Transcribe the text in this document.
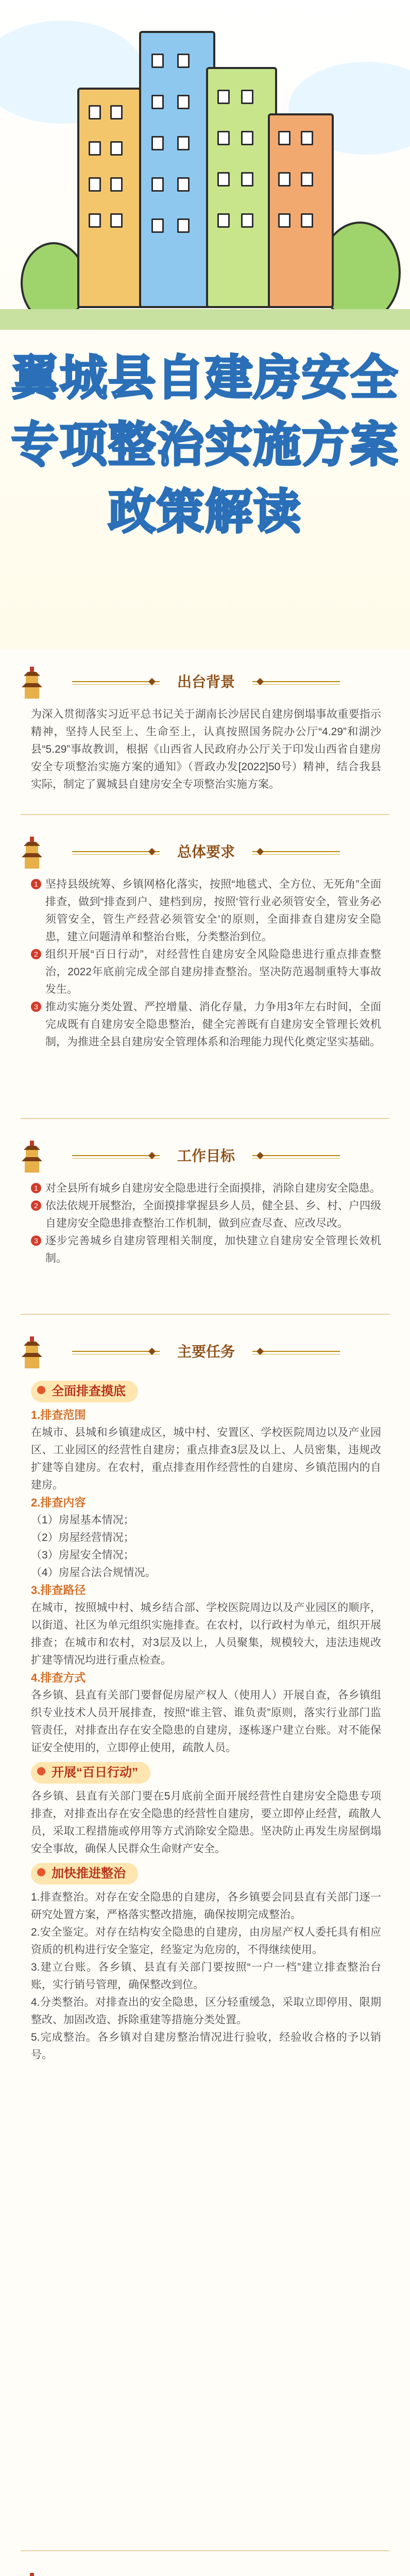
翼城县自建房安全
专项整治实施方案
政策解读
出台背景
为深入贯彻落实习近平总书记关于湖南长沙居民自建房倒塌事故重要指示精神，坚持人民至上、生命至上，认真按照国务院办公厅“4.29”和湖沙县“5.29”事故教训，根据《山西省人民政府办公厅关于印发山西省自建房安全专项整治实施方案的通知》（晋政办发[2022]50号）精神，结合我县实际，制定了翼城县自建房安全专项整治实施方案。
总体要求
1 坚持县级统筹、乡镇网格化落实，按照“地毯式、全方位、无死角”全面排查，做到“排查到户、建档到房，按照‘管行业必须管安全，管业务必须管安全，管生产经营必须管安全’的原则，全面排查自建房安全隐患，建立问题清单和整治台账，分类整治到位。
2 组织开展“百日行动”，对经营性自建房安全风险隐患进行重点排查整治，2022年底前完成全部自建房排查整治。坚决防范遏制重特大事故发生。
3 推动实施分类处置、严控增量、消化存量，力争用3年左右时间，全面完成既有自建房安全隐患整治，健全完善既有自建房安全管理长效机制，为推进全县自建房安全管理体系和治理能力现代化奠定坚实基础。
工作目标
1 对全县所有城乡自建房安全隐患进行全面摸排，消除自建房安全隐患。
2 依法依规开展整治，全面摸排掌握县乡人员，健全县、乡、村、户四级自建房安全隐患排查整治工作机制，做到应查尽查、应改尽改。
3 逐步完善城乡自建房管理相关制度，加快建立自建房安全管理长效机制。
主要任务
全面排查摸底
1.排查范围
在城市、县城和乡镇建成区，城中村、安置区、学校医院周边以及产业园区、工业园区的经营性自建房；重点排查3层及以上、人员密集，违规改扩建等自建房。在农村，重点排查用作经营性的自建房、乡镇范围内的自建房。
2.排查内容
（1）房屋基本情况；
（2）房屋经营情况；
（3）房屋安全情况；
（4）房屋合法合规情况。
3.排查路径
在城市，按照城中村、城乡结合部、学校医院周边以及产业园区的顺序，以街道、社区为单元组织实施排查。在农村，以行政村为单元，组织开展排查；在城市和农村，对3层及以上，人员聚集，规模较大，违法违规改扩建等情况均进行重点检查。
4.排查方式
各乡镇、县直有关部门要督促房屋产权人（使用人）开展自查，各乡镇组织专业技术人员开展排查，按照“谁主管、谁负责”原则，落实行业部门监管责任，对排查出存在安全隐患的自建房，逐栋逐户建立台账。对不能保证安全使用的，立即停止使用，疏散人员。
开展“百日行动”
各乡镇、县直有关部门要在5月底前全面开展经营性自建房安全隐患专项排查，对排查出存在安全隐患的经营性自建房，要立即停止经营，疏散人员，采取工程措施或停用等方式消除安全隐患。坚决防止再发生房屋倒塌安全事故，确保人民群众生命财产安全。
加快推进整治
1.排查整治。对存在安全隐患的自建房，各乡镇要会同县直有关部门逐一研究处置方案，严格落实整改措施，确保按期完成整治。
2.安全鉴定。对存在结构安全隐患的自建房，由房屋产权人委托具有相应资质的机构进行安全鉴定，经鉴定为危房的，不得继续使用。
3.建立台账。各乡镇、县直有关部门要按照“一户一档”建立排查整治台账，实行销号管理，确保整改到位。
4.分类整治。对排查出的安全隐患，区分轻重缓急，采取立即停用、限期整改、加固改造、拆除重建等措施分类处置。
5.完成整治。各乡镇对自建房整治情况进行验收，经验收合格的予以销号。
